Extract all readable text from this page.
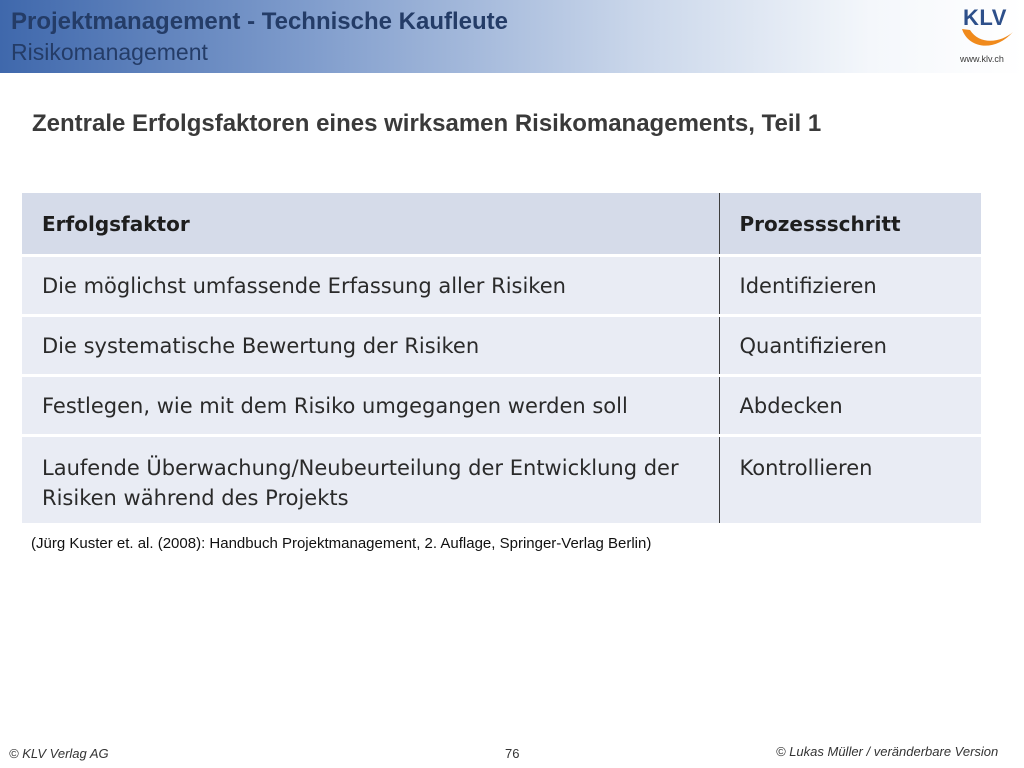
Projektmanagement - Technische Kaufleute
Risikomanagement
KLV
www.klv.ch
Zentrale Erfolgsfaktoren eines wirksamen Risikomanagements, Teil 1
Erfolgsfaktor	Prozessschritt
Die möglichst umfassende Erfassung aller Risiken	Identifizieren
Die systematische Bewertung der Risiken	Quantifizieren
Festlegen, wie mit dem Risiko umgegangen werden soll	Abdecken
Laufende Überwachung/Neubeurteilung der Entwicklung der Risiken während des Projekts	Kontrollieren
(Jürg Kuster et. al. (2008): Handbuch Projektmanagement, 2. Auflage, Springer-Verlag Berlin)
© KLV Verlag AG	76	© Lukas Müller / veränderbare Version
